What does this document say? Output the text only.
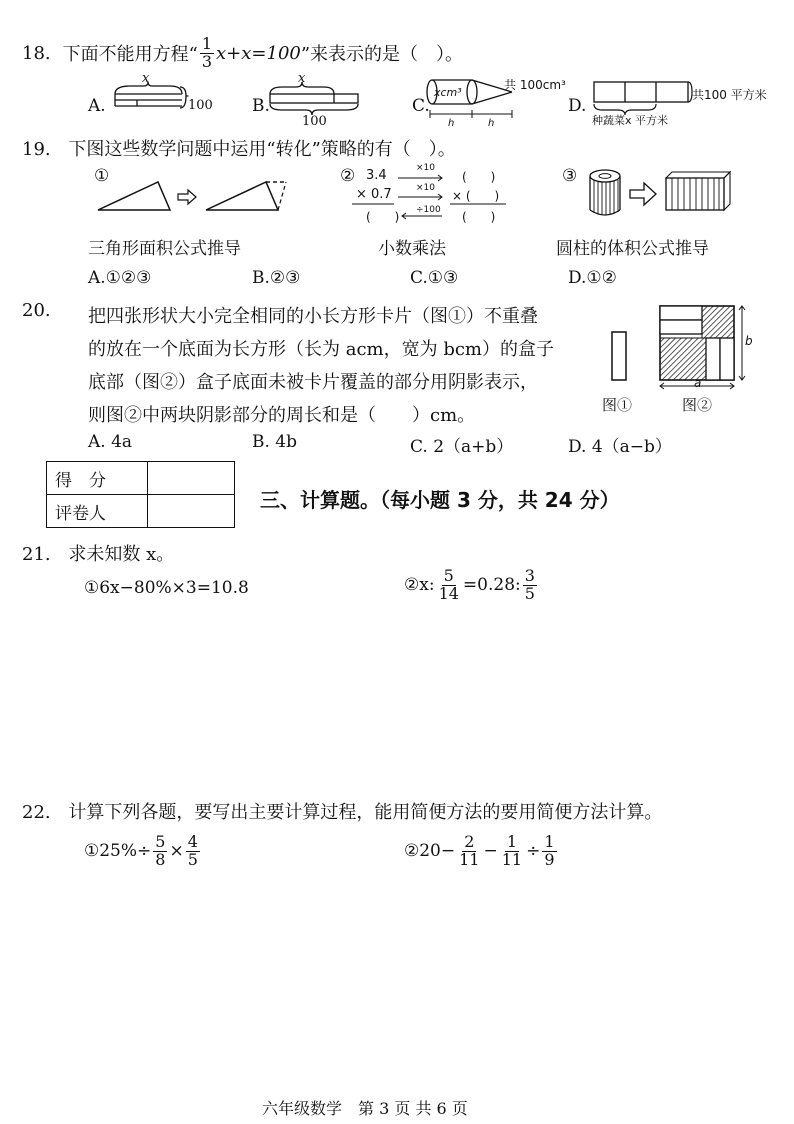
18. 下面不能用方程“ $\frac{1}{3} x+x=100$ ”来表示的是（　）。
A.
x
100 B.
x
100
C.
xcm³
共 100cm³
h	h
D.
共100 平方米
种蔬菜x 平方米
19. 下图这些数学问题中运用“转化”策略的有（　）。
①
三角形面积公式推导
② 3.4
× 0.7
(　　)
×10
×10
÷100
(　　)
× (　　)
(　　)
小数乘法
③
圆柱的体积公式推导
A.①②③	B.②③	C.①③	D.①②
20. 把四张形状大小完全相同的小长方形卡片（图①）不重叠
的放在一个底面为长方形（长为 acm，宽为 bcm）的盒子
底部（图②）盒子底面未被卡片覆盖的部分用阴影表示，
则图②中两块阴影部分的周长和是（　　）cm。
b
a
图①	图②
A. 4a	B. 4b	C. 2（a+b）	D. 4（a−b）
得　分	
评卷人	
三、计算题。（每小题 3 分，共 24 分）
21. 求未知数 x。
①6x−80%×3=10.8	②x: $\frac{5}{14} =0.28$: $\frac{3}{5}$
22. 计算下列各题，要写出主要计算过程，能用简便方法的要用简便方法计算。
①25%÷ $\frac{5}{8} \times \frac{4}{5}$	②20− $\frac{2}{11} - \frac{1}{11} \div \frac{1}{9}$
六年级数学　第 3 页 共 6 页
